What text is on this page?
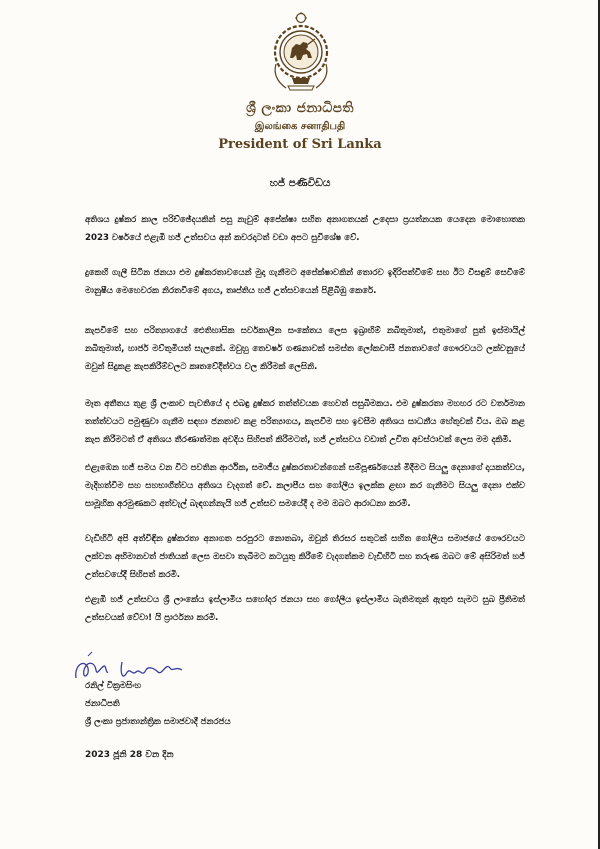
ශ්‍රී ලංකා ජනාධිපති
இலங்கை சனாதிபதி
President of Sri Lanka
හජ් පණිවිඩය

අතිශය දුෂ්කර කාල පරිච්ඡේදයකින් පසු නැවුම් අපේක්ෂා සහිත අනාගතයක් උදෙසා ප්‍රයත්නයක යෙදෙන මොහොතක 2023 වර්ෂයේ එළැඹි හජ් උත්සවය අන් කවරදාටත් වඩා අපට සුවිශේෂ වේ.

දුකෙහි ගැලී සිටින ජනයා එම දුෂ්කරතාවයෙන් මුදා ගැනීමට අපේක්ෂාවකින් තොරව ඉදිරිපත්වීමේ සහ ඊට විසඳුම් සෙවීමේ මානුෂීය මෙහෙවරක නිරතවීමේ අගය, තෘප්තිය හජ් උත්සවයෙන් පිළිබිඹු කෙරේ.

කැපවීමේ සහ පරිත්‍යාගයේ ඓතිහාසික සර්වකාලීන සංකේතය ලෙස ඉබ්‍රාහිම් නබිතුමාත්, එතුමාගේ පුත් ඉස්මායිල් නබිතුමාත්, හාජර් මව්තුමියත් සැලකේ. ඔවුහු තෙවර්ෂ ගණනාවක් සමස්ත ලෝකවාසී ජනතාවගේ ගෞරවයට ලක්වනුයේ ඔවුන් සිදුකළ කැපකිරීම්වලට කෘතවේදීත්වය වල කිරීමක් ලෙසිනි.

මෑත අතීතය තුළ ශ්‍රී ලංකාව පැවතියේ ද එබඳු දුෂ්කර තත්ත්වයක හෙවත් පසුබිමකය. එම දුෂ්කරතා මහහර රට වර්තමාන තත්ත්වයට පමුණුවා ගැනීම සඳහා ජනතාව කළ පරිත්‍යාගය, කැපවීම සහ ඉවසීම අතිශය සාධනීය හේතුවක් විය. ඔබ කළ කැප කිරීමටත් ඒ අතිශය තීරණාත්මක අවදිය සිහිපත් කිරීමටත්, හජ් උත්සවය වඩාත් උචිත අවස්ථාවක් ලෙස මම දකිමි.

එළැඹෙන හජ් සමය වන විට පවතින ආර්ථික, සමාජීය දුෂ්කරතාවන්ගෙන් සම්පූර්ණයෙන් මිදීමට සියලු දෙනාගේ දායකත්වය, මැදිහත්වීම සහ සහභාගීත්වය අතිශය වැදගත් වේ. කලාපීය සහ ගෝලීය ඉලක්ක ළඟා කර ගැනීමට සියලු දෙනා එක්ව සාමූහික අරමුණකට අත්වැල් බැඳගන්නැයි හජ් උත්සව සමයේදී ද මම ඔබට ආරාධනා කරමි.

වැඩිහිටි අපි අත්විඳින දුෂ්කරතා අනාගත පරපුරට නොතබා, ඔවුන් තිරසර සතුටක් සහිත ගෝලීය සමාජයේ ගෞරවයට ලක්වන අභිමානවත් ජාතියක් ලෙස ඔසවා තැබීමට කටයුතු කිරීමේ වැදගත්කම වැඩිහිටි සහ තරුණ ඔබට මේ අසිරිමත් හජ් උත්සවයේදී සිහිපත් කරමි.

එළැඹි හජ් උත්සවය ශ්‍රී ලාංකේය ඉස්ලාමීය සහෝදර ජනයා සහ ගෝලීය ඉස්ලාමීය බැතිමතුන් ඇතුළු සැමට සුබ ප්‍රීතිමත් උත්සවයක් වේවා! යි ප්‍රාර්ථනා කරමි.

රනිල් වික්‍රමසිංහ
ජනාධිපති
ශ්‍රී ලංකා ප්‍රජාතාන්ත්‍රික සමාජවාදී ජනරජය
2023 ජූනි 28 වන දින
